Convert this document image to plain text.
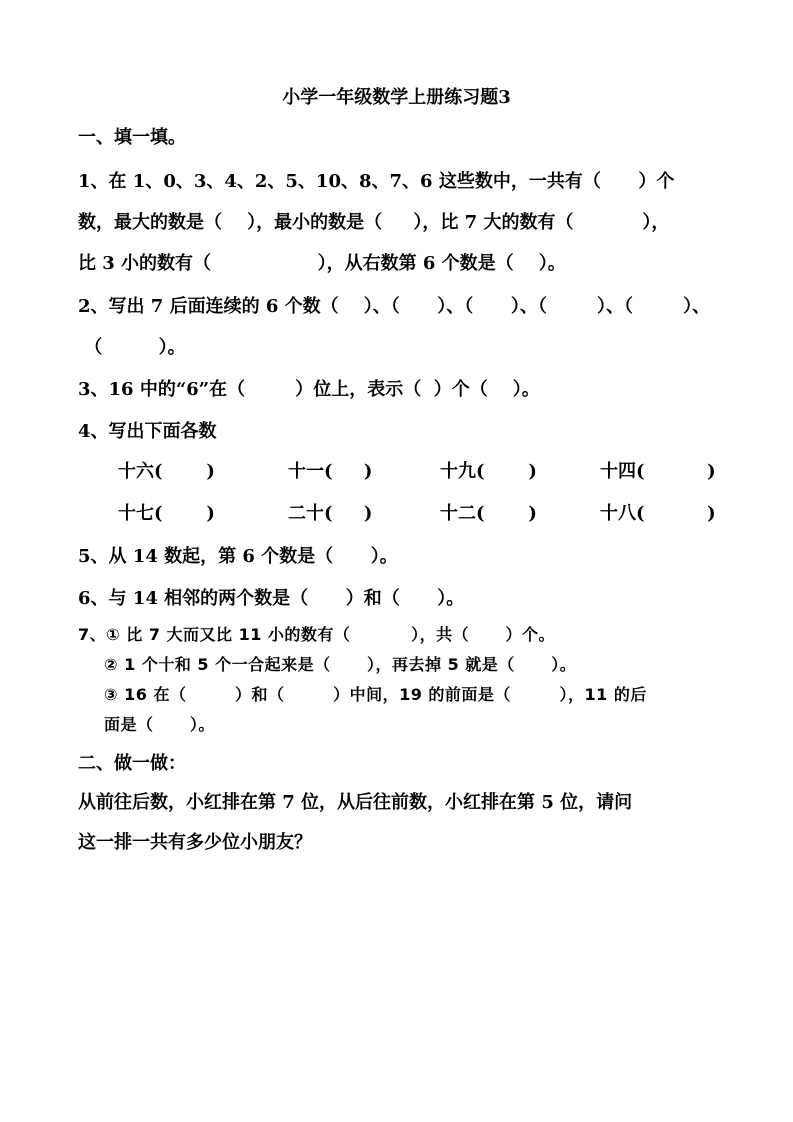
小学一年级数学上册练习题3
一、填一填。
1、在 1、0、3、4、2、5、10、8、7、6 这些数中，一共有（      ）个
数，最大的数是（    ），最小的数是（     ），比 7 大的数有（           ），
比 3 小的数有（                 ），从右数第 6 个数是（    ）。
2、写出 7 后面连续的 6 个数（    ）、（      ）、（      ）、（        ）、（        ）、
（         ）。
3、16 中的“6”在（        ）位上，表示（  ）个（    ）。
4、写出下面各数
十六(       )	十一(     )	十九(       )	十四(          )
十七(       )	二十(     )	十二(       )	十八(          )
5、从 14 数起，第 6 个数是（      ）。
6、与 14 相邻的两个数是（      ）和（      ）。
7、① 比 7 大而又比 11 小的数有（          ），共（      ）个。
② 1 个十和 5 个一合起来是（      ），再去掉 5 就是（      ）。
③ 16 在（        ）和（        ）中间，19 的前面是（        ），11 的后
面是（      ）。
二、做一做：
从前往后数，小红排在第 7 位，从后往前数，小红排在第 5 位，请问
这一排一共有多少位小朋友？
